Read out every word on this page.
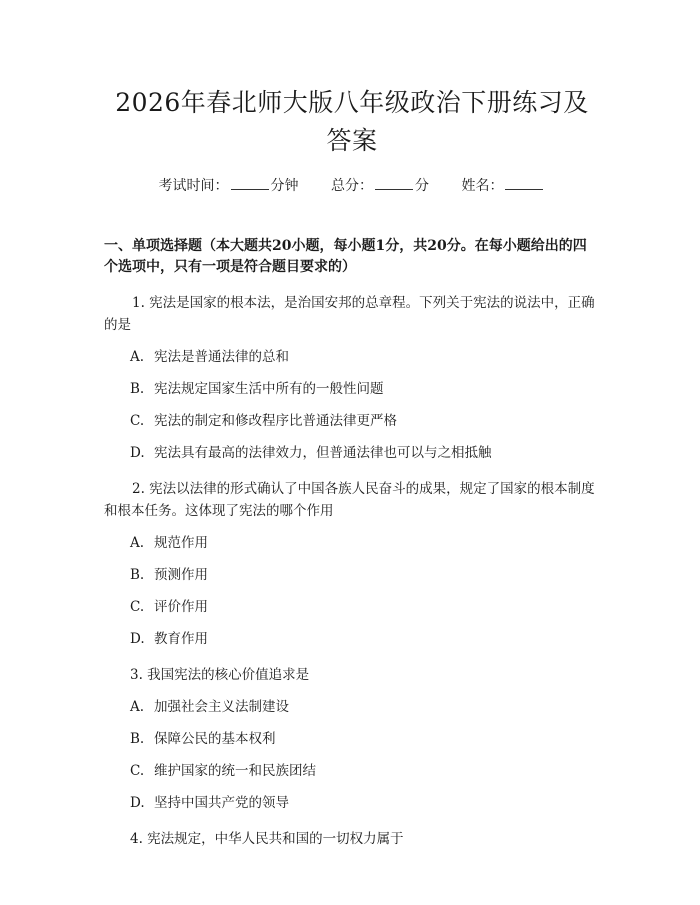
2026年春北师大版八年级政治下册练习及答案
考试时间：	分钟 总分：	分 姓名：
一、单项选择题（本大题共20小题，每小题1分，共20分。在每小题给出的四个选项中，只有一项是符合题目要求的）
1. 宪法是国家的根本法，是治国安邦的总章程。下列关于宪法的说法中，正确的是
A. 宪法是普通法律的总和
B. 宪法规定国家生活中所有的一般性问题
C. 宪法的制定和修改程序比普通法律更严格
D. 宪法具有最高的法律效力，但普通法律也可以与之相抵触
2. 宪法以法律的形式确认了中国各族人民奋斗的成果，规定了国家的根本制度和根本任务。这体现了宪法的哪个作用
A. 规范作用
B. 预测作用
C. 评价作用
D. 教育作用
3. 我国宪法的核心价值追求是
A. 加强社会主义法制建设
B. 保障公民的基本权利
C. 维护国家的统一和民族团结
D. 坚持中国共产党的领导
4. 宪法规定，中华人民共和国的一切权力属于
